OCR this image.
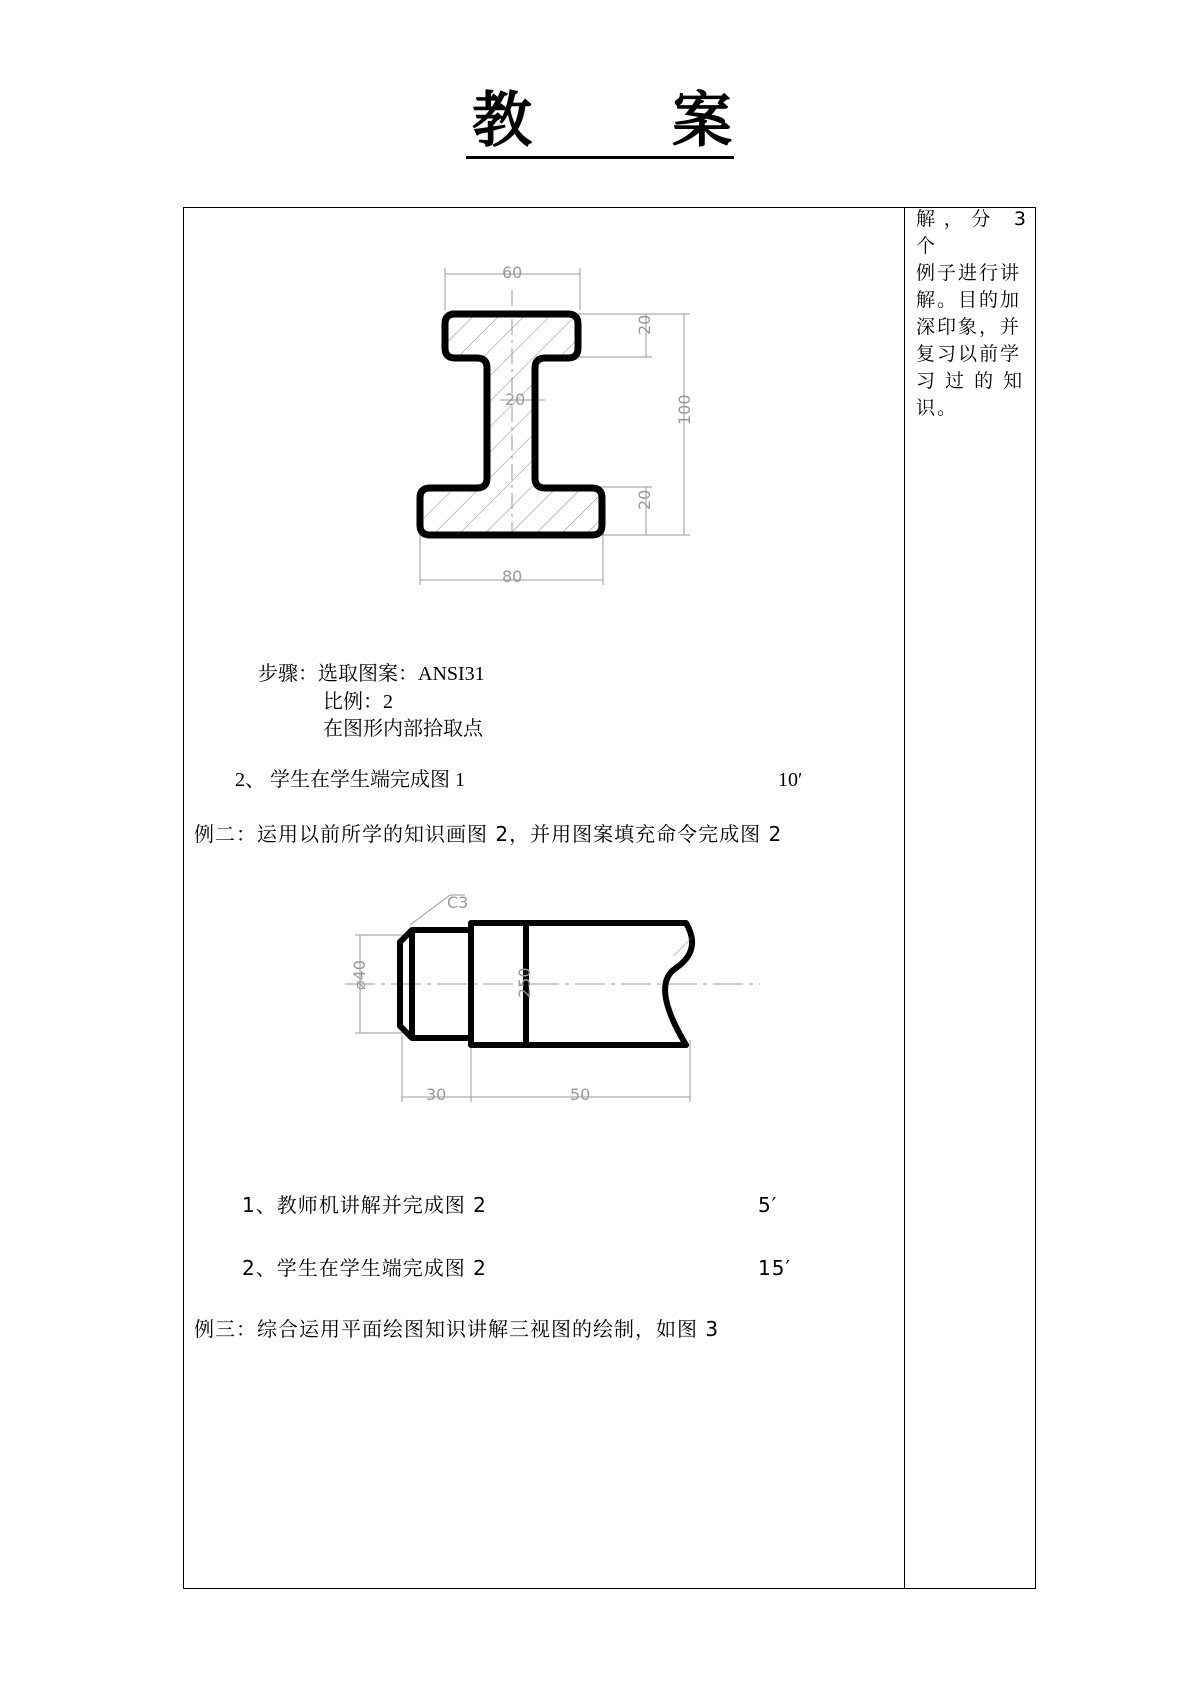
教 案
解，分 3 个
例子进行讲
解。目的加
深印象，并
复习以前学
习 过 的 知
识。
60
20
20	100
20
80
步骤：选取图案：ANSI31
比例：2
在图形内部拾取点
2、 学生在学生端完成图 1	10′
例二：运用以前所学的知识画图 2，并用图案填充命令完成图 2
C3
⌀40	250
30	50
1、教师机讲解并完成图 2	5′
2、学生在学生端完成图 2	15′
例三：综合运用平面绘图知识讲解三视图的绘制，如图 3
